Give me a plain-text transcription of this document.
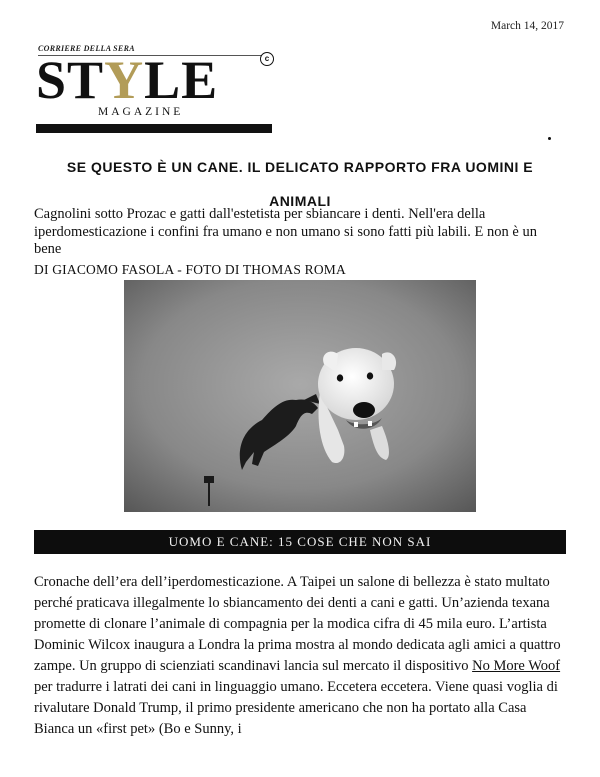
March 14, 2017
CORRIERE DELLA SERA
STYLE	c
MAGAZINE
SE QUESTO È UN CANE. IL DELICATO RAPPORTO FRA UOMINI E ANIMALI

Cagnolini sotto Prozac e gatti dall'estetista per sbiancare i denti. Nell'era della iperdomesticazione i confini fra umano e non umano si sono fatti più labili. E non è un bene

DI GIACOMO FASOLA - FOTO DI THOMAS ROMA
UOMO E CANE: 15 COSE CHE NON SAI

Cronache dell’era dell’iperdomesticazione. A Taipei un salone di bellezza è stato multato perché praticava illegalmente lo sbiancamento dei denti a cani e gatti. Un’azienda texana promette di clonare l’animale di compagnia per la modica cifra di 45 mila euro. L’artista Dominic Wilcox inaugura a Londra la prima mostra al mondo dedicata agli amici a quattro zampe. Un gruppo di scienziati scandinavi lancia sul mercato il dispositivo No More Woof per tradurre i latrati dei cani in linguaggio umano. Eccetera eccetera. Viene quasi voglia di rivalutare Donald Trump, il primo presidente americano che non ha portato alla Casa Bianca un «first pet» (Bo e Sunny, i
